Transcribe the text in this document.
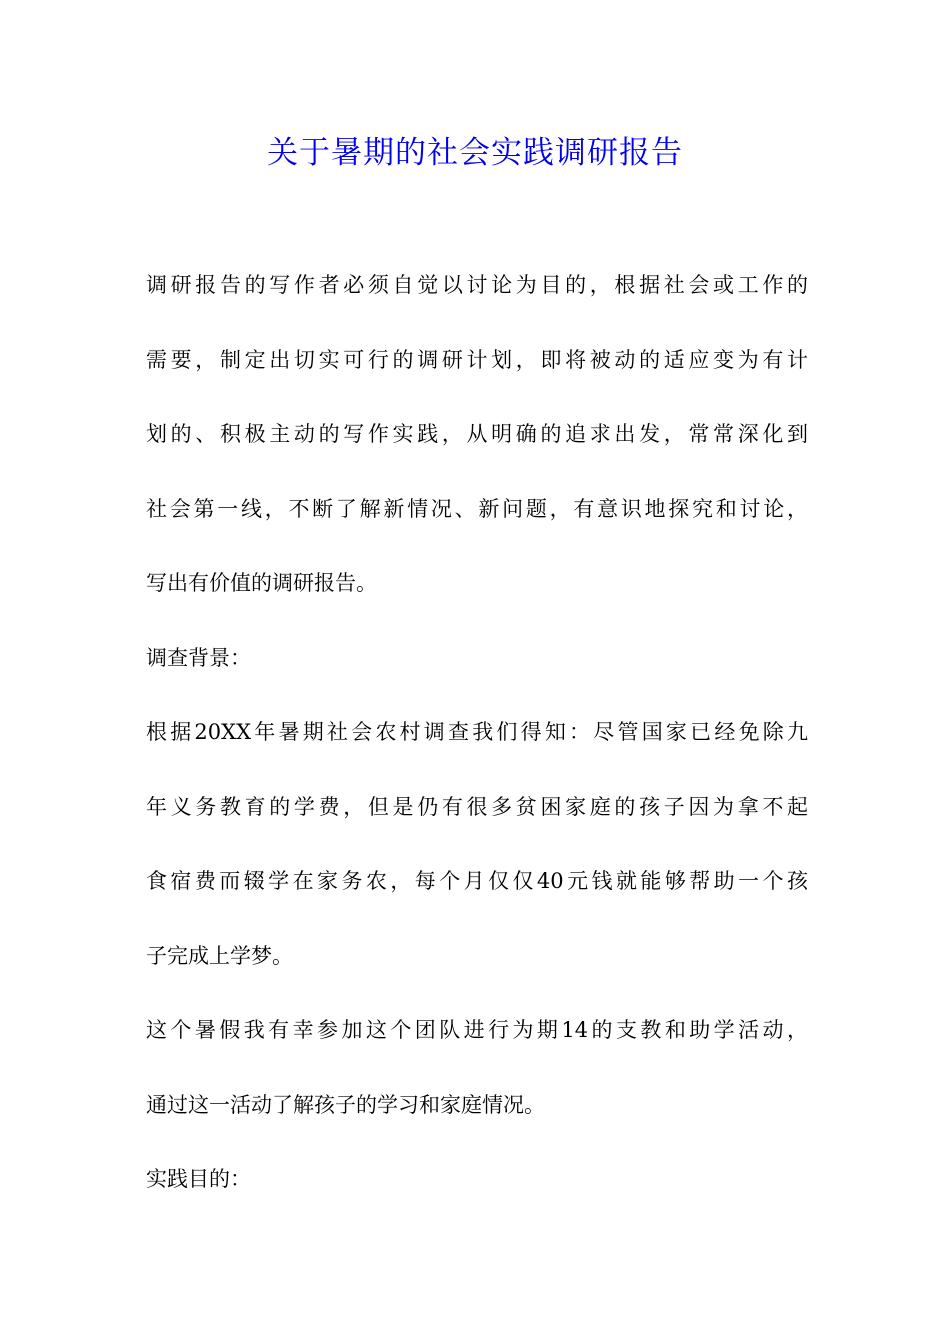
关于暑期的社会实践调研报告
调研报告的写作者必须自觉以讨论为目的，根据社会或工作的
需要，制定出切实可行的调研计划，即将被动的适应变为有计
划的、积极主动的写作实践，从明确的追求出发，常常深化到
社会第一线，不断了解新情况、新问题，有意识地探究和讨论，
写出有价值的调研报告。
调查背景：
根据20XX年暑期社会农村调查我们得知：尽管国家已经免除九
年义务教育的学费，但是仍有很多贫困家庭的孩子因为拿不起
食宿费而辍学在家务农，每个月仅仅40元钱就能够帮助一个孩
子完成上学梦。
这个暑假我有幸参加这个团队进行为期14的支教和助学活动，
通过这一活动了解孩子的学习和家庭情况。
实践目的：
